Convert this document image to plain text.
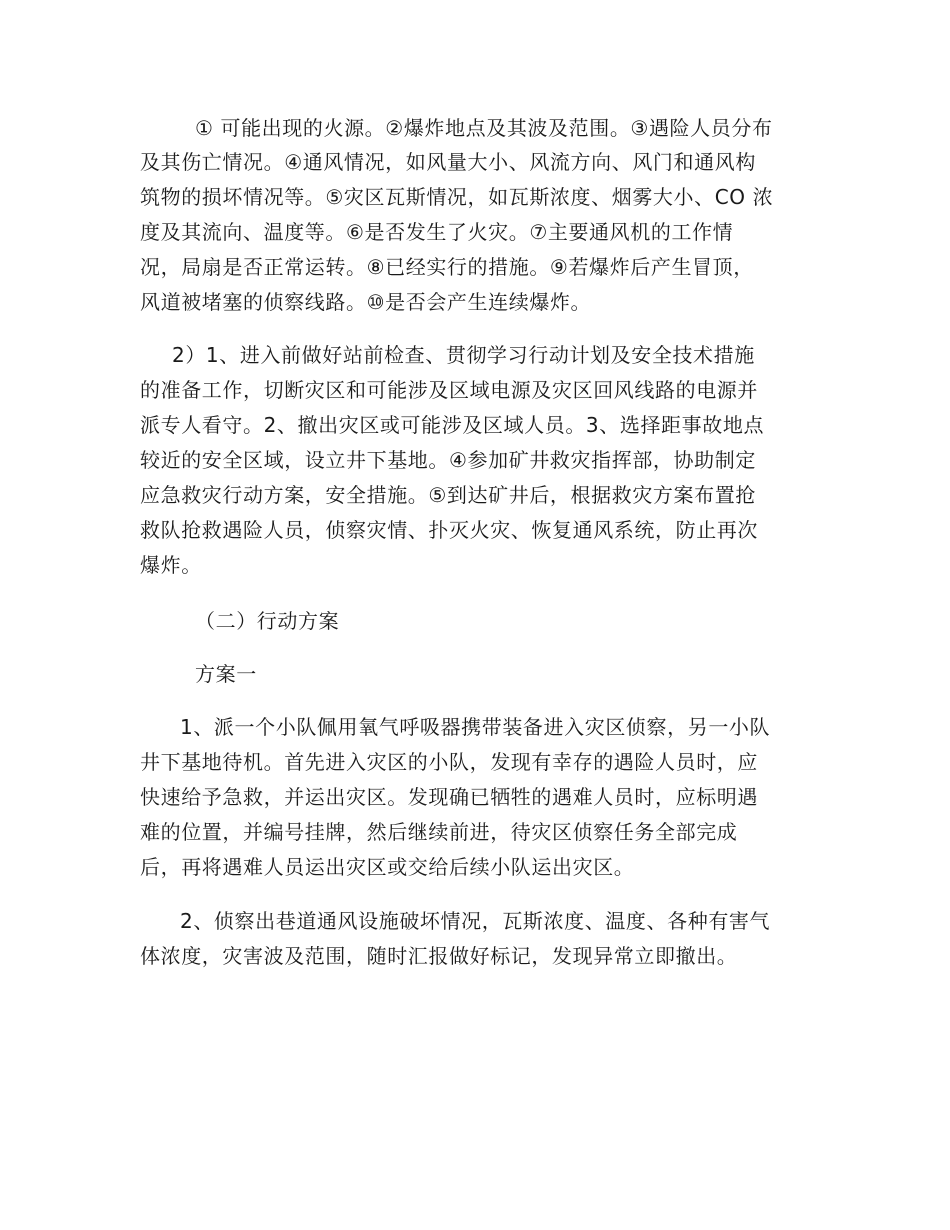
① 可能出现的火源。②爆炸地点及其波及范围。③遇险人员分布
及其伤亡情况。④通风情况，如风量大小、风流方向、风门和通风构
筑物的损坏情况等。⑤灾区瓦斯情况，如瓦斯浓度、烟雾大小、CO 浓
度及其流向、温度等。⑥是否发生了火灾。⑦主要通风机的工作情
况，局扇是否正常运转。⑧已经实行的措施。⑨若爆炸后产生冒顶，
风道被堵塞的侦察线路。⑩是否会产生连续爆炸。
2）1、进入前做好站前检查、贯彻学习行动计划及安全技术措施
的准备工作，切断灾区和可能涉及区域电源及灾区回风线路的电源并
派专人看守。2、撤出灾区或可能涉及区域人员。3、选择距事故地点
较近的安全区域，设立井下基地。④参加矿井救灾指挥部，协助制定
应急救灾行动方案，安全措施。⑤到达矿井后，根据救灾方案布置抢
救队抢救遇险人员，侦察灾情、扑灭火灾、恢复通风系统，防止再次
爆炸。
（二）行动方案
方案一
1、派一个小队佩用氧气呼吸器携带装备进入灾区侦察，另一小队
井下基地待机。首先进入灾区的小队，发现有幸存的遇险人员时，应
快速给予急救，并运出灾区。发现确已牺牲的遇难人员时，应标明遇
难的位置，并编号挂牌，然后继续前进，待灾区侦察任务全部完成
后，再将遇难人员运出灾区或交给后续小队运出灾区。
2、侦察出巷道通风设施破坏情况，瓦斯浓度、温度、各种有害气
体浓度，灾害波及范围，随时汇报做好标记，发现异常立即撤出。
